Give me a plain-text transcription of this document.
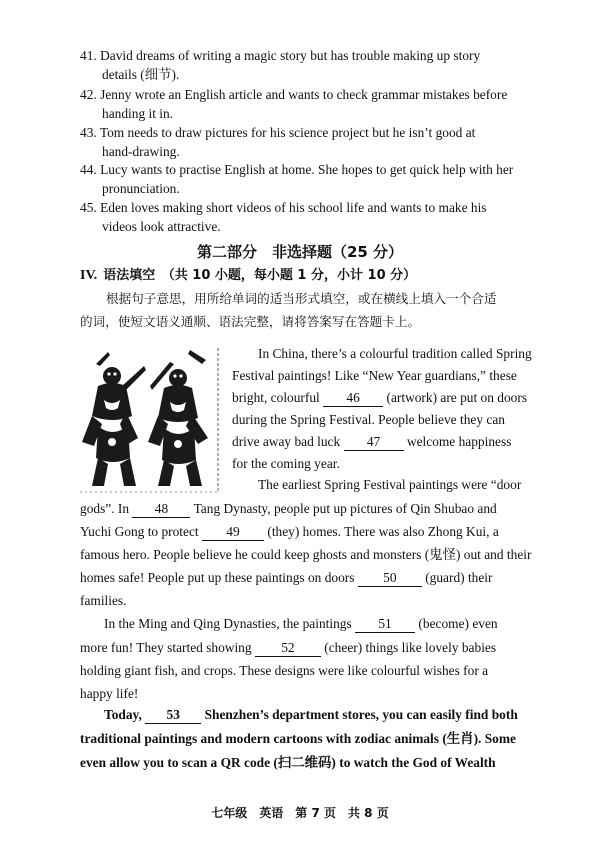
41. David dreams of writing a magic story but has trouble making up story
details (细节).
42. Jenny wrote an English article and wants to check grammar mistakes before
handing it in.
43. Tom needs to draw pictures for his science project but he isn’t good at
hand-drawing.
44. Lucy wants to practise English at home. She hopes to get quick help with her
pronunciation.
45. Eden loves making short videos of his school life and wants to make his
videos look attractive.
第二部分　非选择题（25 分）
IV. 语法填空　（共 10 小题，每小题 1 分，小计 10 分）
根据句子意思，用所给单词的适当形式填空，或在横线上填入一个合适
的词，使短文语义通顺、语法完整，请将答案写在答题卡上。
In China, there’s a colourful tradition called Spring
Festival paintings! Like “New Year guardians,” these
bright, colourful 46 (artwork) are put on doors
during the Spring Festival. People believe they can
drive away bad luck 47 welcome happiness
for the coming year.
The earliest Spring Festival paintings were “door
gods”. In 48 Tang Dynasty, people put up pictures of Qin Shubao and
Yuchi Gong to protect 49 (they) homes. There was also Zhong Kui, a
famous hero. People believe he could keep ghosts and monsters (鬼怪) out and their
homes safe! People put up these paintings on doors 50 (guard) their
families.
In the Ming and Qing Dynasties, the paintings 51 (become) even
more fun! They started showing 52 (cheer) things like lovely babies
holding giant fish, and crops. These designs were like colourful wishes for a
happy life!
Today, 53 Shenzhen’s department stores, you can easily find both
traditional paintings and modern cartoons with zodiac animals (生肖). Some
even allow you to scan a QR code (扫二维码) to watch the God of Wealth
七年级　英语　第 7 页　共 8 页
